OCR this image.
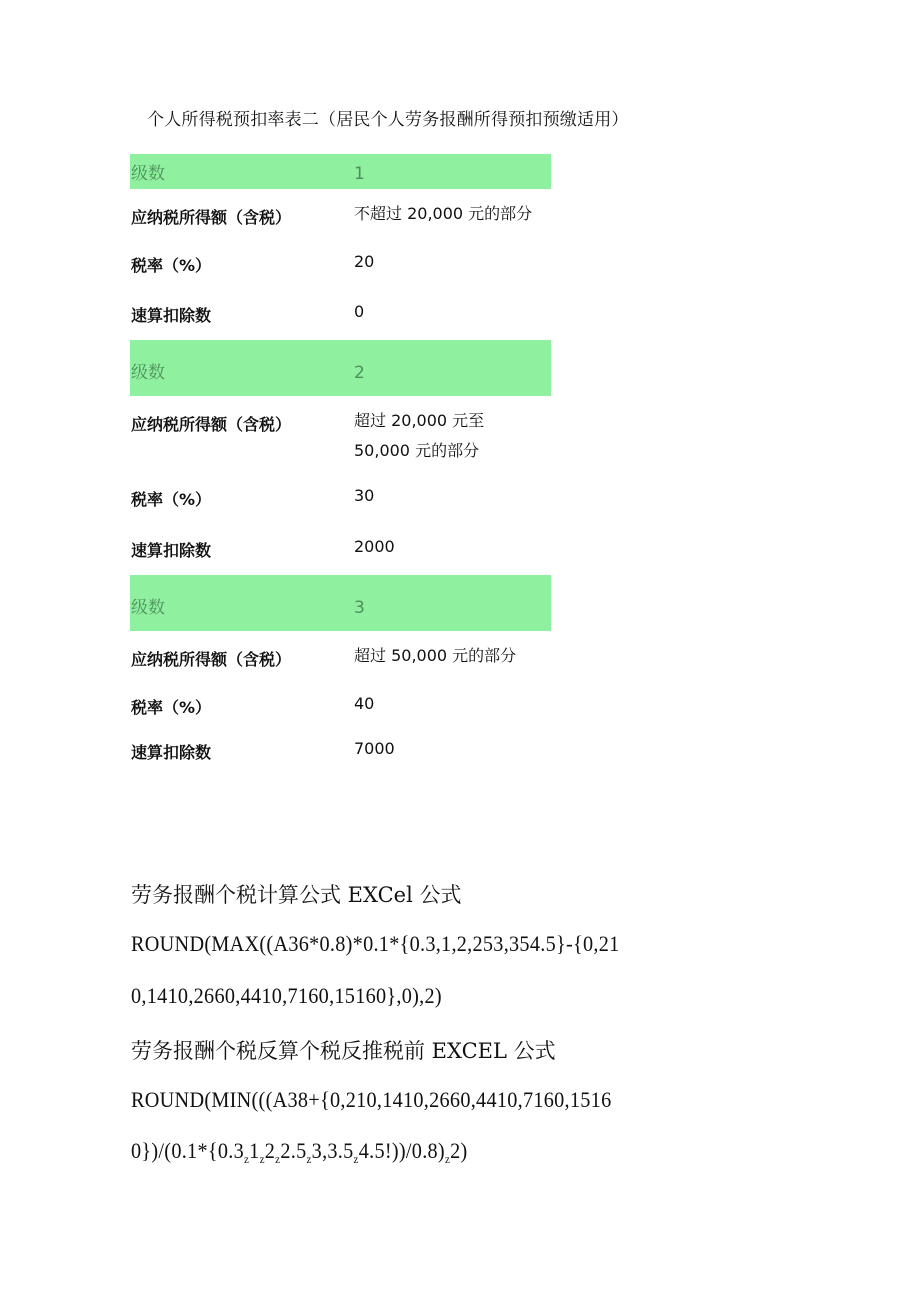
个人所得税预扣率表二（居民个人劳务报酬所得预扣预缴适用）
级数	1
应纳税所得额（含税）	不超过 20,000 元的部分
税率（%）	20
速算扣除数	0
级数	2
应纳税所得额（含税）	超过 20,000 元至
50,000 元的部分
税率（%）	30
速算扣除数	2000
级数	3
应纳税所得额（含税）	超过 50,000 元的部分
税率（%）	40
速算扣除数	7000
劳务报酬个税计算公式 EXCel 公式
ROUND(MAX((A36*0.8)*0.1*{0.3,1,2,253,354.5}-{0,21
0,1410,2660,4410,7160,15160},0),2)
劳务报酬个税反算个税反推税前 EXCEL 公式
ROUND(MIN(((A38+{0,210,1410,2660,4410,7160,1516
$0\})/(0.1*\{0.3_z1_z2_z2.5_z3,3.5_z4.5!))/0.8)_z2$)
